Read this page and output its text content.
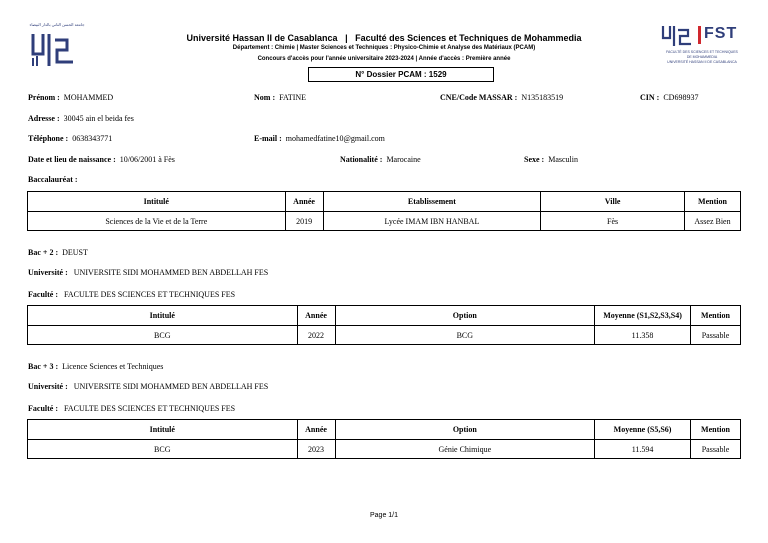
جامعة الحسن الثاني بالدار البيضاء
Université Hassan II de Casablanca | Faculté des Sciences et Techniques de Mohammedia
Département : Chimie | Master Sciences et Techniques : Physico-Chimie et Analyse des Matériaux (PCAM)
Concours d'accès pour l'année universitaire 2023-2024 | Année d'accès : Première année
N° Dossier PCAM : 1529
FST
FACULTÉ DES SCIENCES ET TECHNIQUES
DE MOHAMMEDIA
UNIVERSITÉ HASSAN II DE CASABLANCA
Prénom : MOHAMMED	Nom : FATINE	CNE/Code MASSAR : N135183519	CIN : CD698937
Adresse : 30045 ain el beida fes
Téléphone : 0638343771	E-mail : mohamedfatine10@gmail.com
Date et lieu de naissance : 10/06/2001 à Fès	Nationalité : Marocaine	Sexe : Masculin
Baccalauréat :
Intitulé	Année	Etablissement	Ville	Mention
Sciences de la Vie et de la Terre	2019	Lycée IMAM IBN HANBAL	Fès	Assez Bien
Bac + 2 : DEUST
Université : UNIVERSITE SIDI MOHAMMED BEN ABDELLAH FES
Faculté : FACULTE DES SCIENCES ET TECHNIQUES FES
Intitulé	Année	Option	Moyenne (S1,S2,S3,S4)	Mention
BCG	2022	BCG	11.358	Passable
Bac + 3 : Licence Sciences et Techniques
Université : UNIVERSITE SIDI MOHAMMED BEN ABDELLAH FES
Faculté : FACULTE DES SCIENCES ET TECHNIQUES FES
Intitulé	Année	Option	Moyenne (S5,S6)	Mention
BCG	2023	Génie Chimique	11.594	Passable
Page 1/1
